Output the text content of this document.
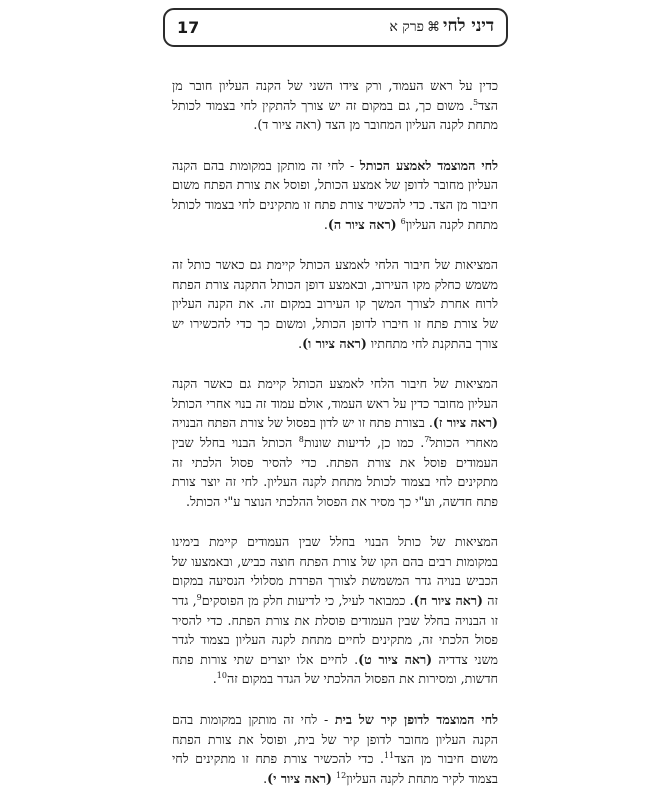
דיני לחי⌘פרק א
17

כדין על ראש העמוד, ורק צידו השני של הקנה העליון חובר מן הצד$^5$. משום כך, גם במקום זה יש צורך להתקין לחי בצמוד לכותל מתחת לקנה העליון המחובר מן הצד (ראה ציור ד).

לחי המוצמד לאמצע הכותל - לחי זה מותקן במקומות בהם הקנה העליון מחובר לדופן של אמצע הכותל, ופוסל את צורת הפתח משום חיבור מן הצד. כדי להכשיר צורת פתח זו מתקינים לחי בצמוד לכותל מתחת לקנה העליון$^6$ (ראה ציור ה).

המציאות של חיבור הלחי לאמצע הכותל קיימת גם כאשר כותל זה משמש כחלק מקו העירוב, ובאמצע דופן הכותל התקנה צורת הפתח לרוח אחרת לצורך המשך קו העירוב במקום זה. את הקנה העליון של צורת פתח זו חיברו לדופן הכותל, ומשום כך כדי להכשירו יש צורך בהתקנת לחי מתחתיו (ראה ציור ו).

המציאות של חיבור הלחי לאמצע הכותל קיימת גם כאשר הקנה העליון מחובר כדין על ראש העמוד, אולם עמוד זה בנוי אחרי הכותל (ראה ציור ז). בצורת פתח זו יש לדון בפסול של צורת הפתח הבנויה מאחרי הכותל$^7$. כמו כן, לדיעות שונות$^8$ הכותל הבנוי בחלל שבין העמודים פוסל את צורת הפתח. כדי להסיר פסול הלכתי זה מתקינים לחי בצמוד לכותל מתחת לקנה העליון. לחי זה יוצר צורת פתח חדשה, וע"י כך מסיר את הפסול ההלכתי הנוצר ע"י הכותל.

המציאות של כותל הבנוי בחלל שבין העמודים קיימת בימינו במקומות רבים בהם הקו של צורת הפתח חוצה כביש, ובאמצעו של הכביש בנויה גדר המשמשת לצורך הפרדת מסלולי הנסיעה במקום זה (ראה ציור ח). כמבואר לעיל, כי לדיעות חלק מן הפוסקים$^9$, גדר זו הבנויה בחלל שבין העמודים פוסלת את צורת הפתח. כדי להסיר פסול הלכתי זה, מתקינים לחיים מתחת לקנה העליון בצמוד לגדר משני צדדיה (ראה ציור ט). לחיים אלו יוצרים שתי צורות פתח חדשות, ומסירות את הפסול ההלכתי של הגדר במקום זה$^{10}$.

לחי המוצמד לדופן קיר של בית - לחי זה מותקן במקומות בהם הקנה העליון מחובר לדופן קיר של בית, ופוסל את צורת הפתח משום חיבור מן הצד$^{11}$. כדי להכשיר צורת פתח זו מתקינים לחי בצמוד לקיר מתחת לקנה העליון$^{12}$ (ראה ציור י).
